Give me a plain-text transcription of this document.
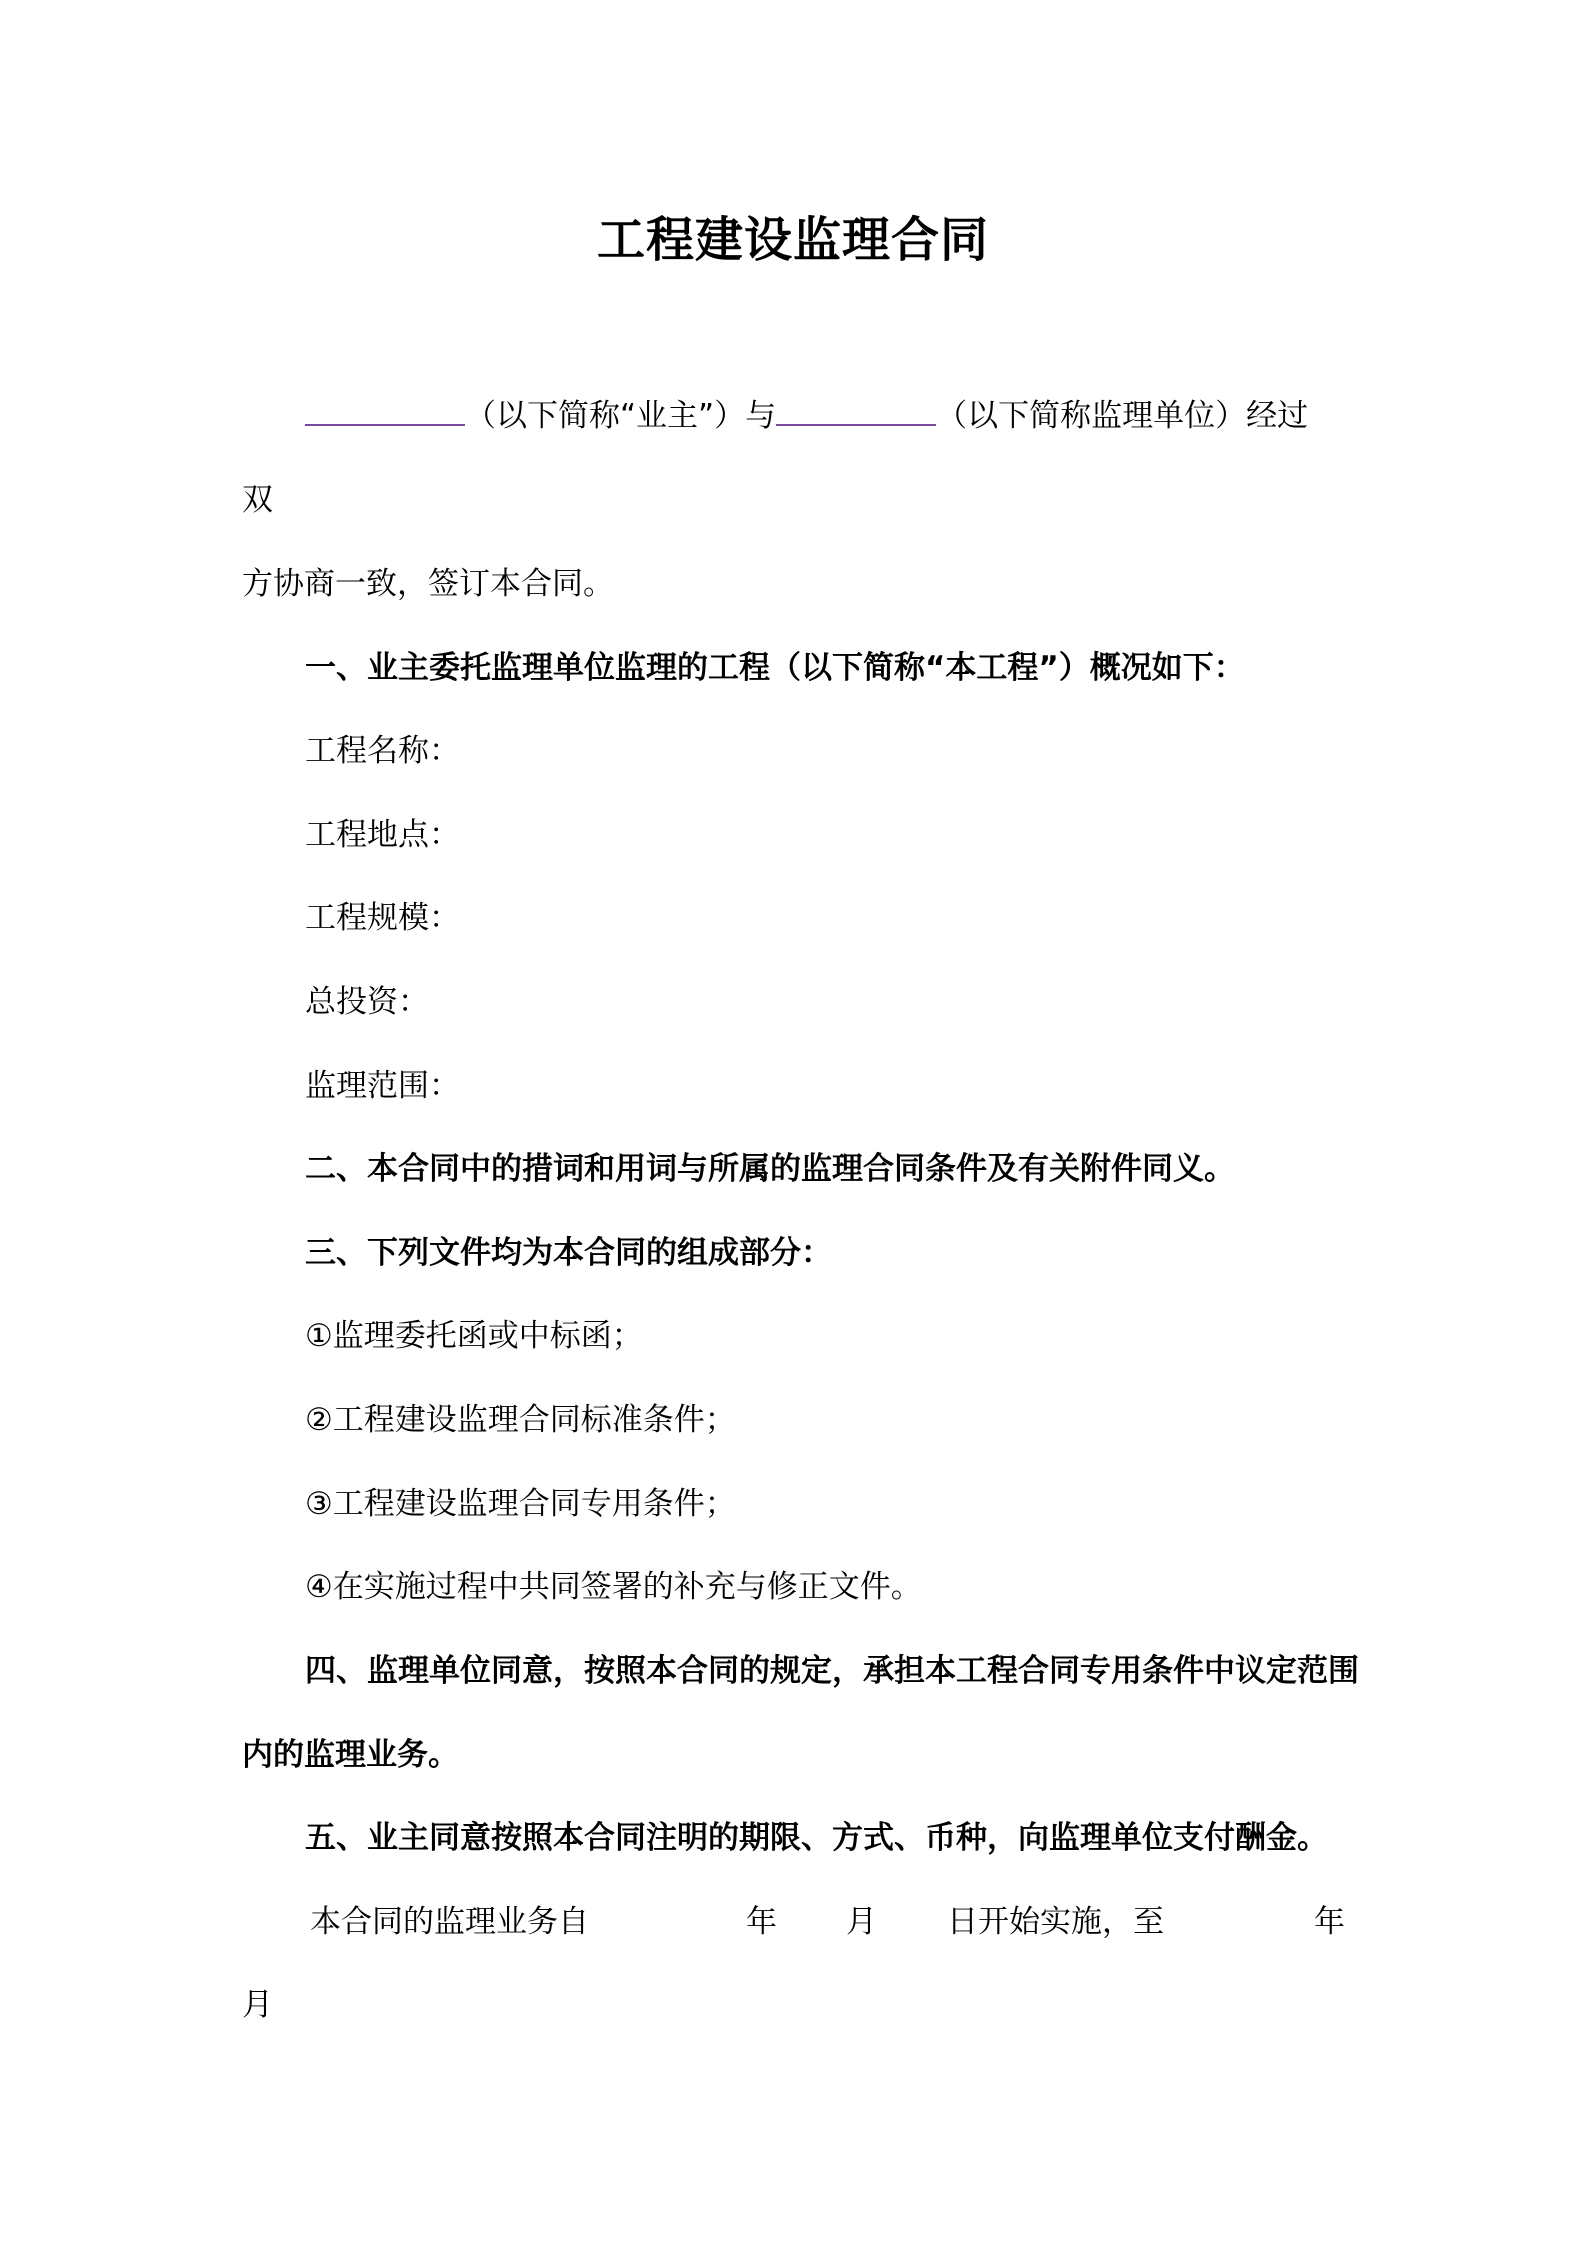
工程建设监理合同
（以下简称“业主”）与	（以下简称监理单位）经过
双
方协商一致，签订本合同。
一、业主委托监理单位监理的工程（以下简称“本工程”）概况如下：
工程名称：
工程地点：
工程规模：
总投资：
监理范围：
二、本合同中的措词和用词与所属的监理合同条件及有关附件同义。
三、下列文件均为本合同的组成部分：
①监理委托函或中标函；
②工程建设监理合同标准条件；
③工程建设监理合同专用条件；
④在实施过程中共同签署的补充与修正文件。
四、监理单位同意，按照本合同的规定，承担本工程合同专用条件中议定范围
内的监理业务。
五、业主同意按照本合同注明的期限、方式、币种，向监理单位支付酬金。
本合同的监理业务自	年 月 日开始实施，至	年
月
